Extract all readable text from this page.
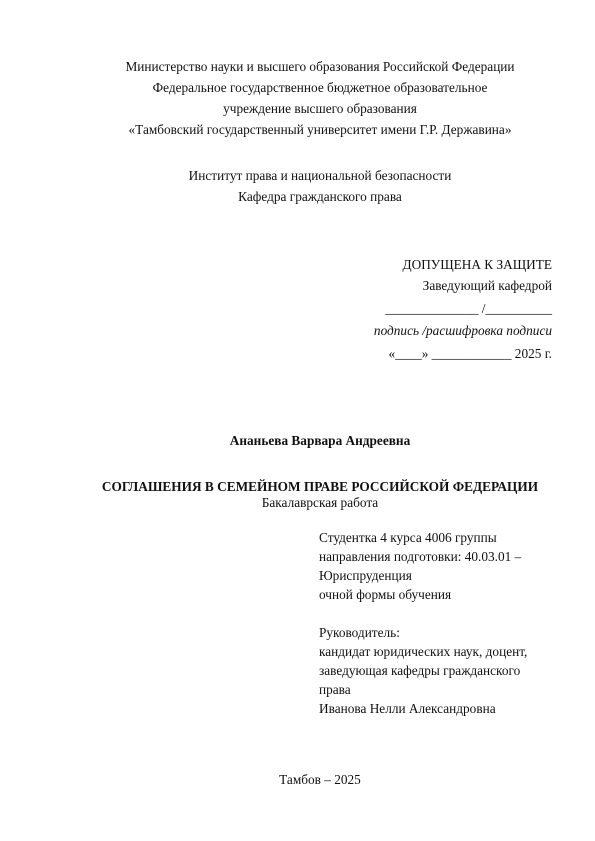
Министерство науки и высшего образования Российской Федерации
Федеральное государственное бюджетное образовательное
учреждение высшего образования
«Тамбовский государственный университет имени Г.Р. Державина»
Институт права и национальной безопасности
Кафедра гражданского права
ДОПУЩЕНА К ЗАЩИТЕ
Заведующий кафедрой
______________ /__________
подпись /расшифровка подписи
«____» ____________ 2025 г.
Ананьева Варвара Андреевна
СОГЛАШЕНИЯ В СЕМЕЙНОМ ПРАВЕ РОССИЙСКОЙ ФЕДЕРАЦИИ
Бакалаврская работа
Студентка 4 курса 4006 группы
направления подготовки: 40.03.01 –
Юриспруденция
очной формы обучения
Руководитель:
кандидат юридических наук, доцент,
заведующая кафедры гражданского
права
Иванова Нелли Александровна
Тамбов – 2025
